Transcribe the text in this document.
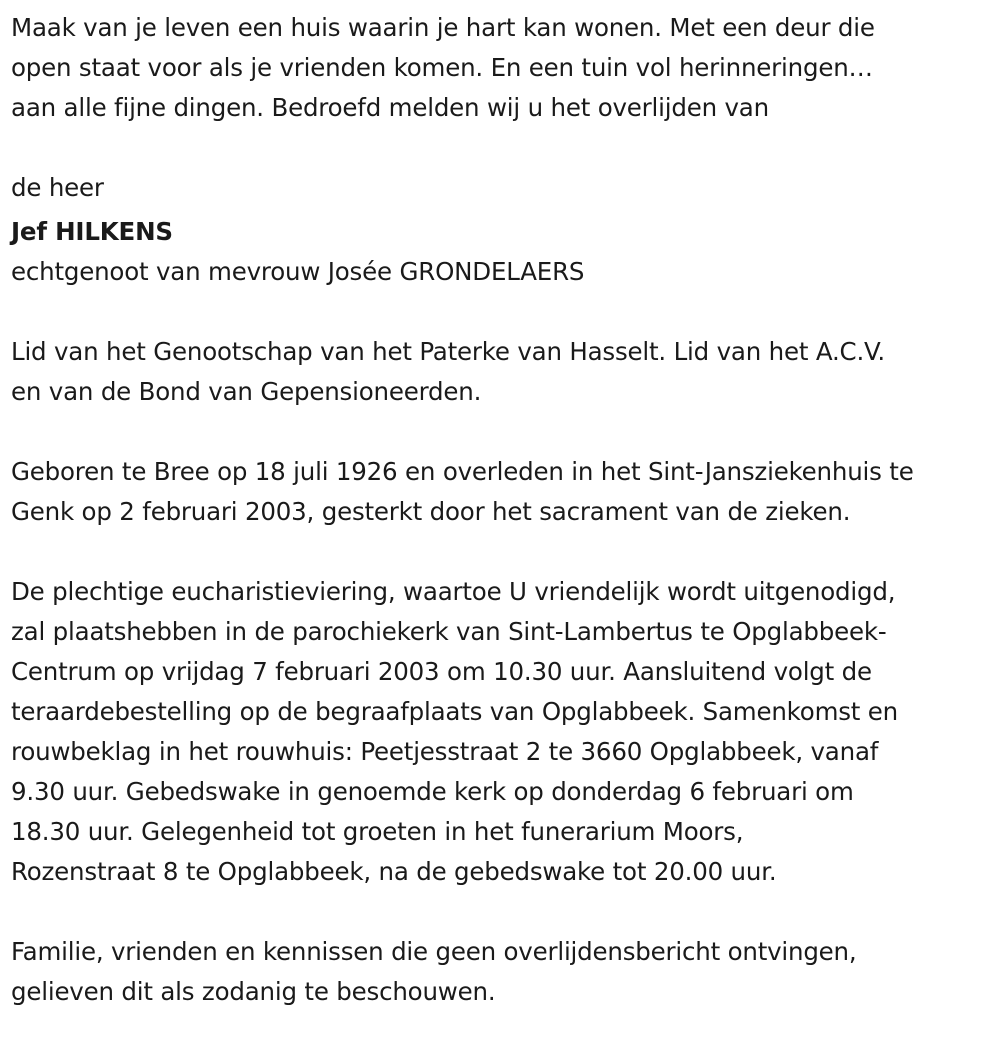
Maak van je leven een huis waarin je hart kan wonen. Met een deur die
open staat voor als je vrienden komen. En een tuin vol herinneringen…
aan alle fijne dingen. Bedroefd melden wij u het overlijden van

de heer

Jef HILKENS

echtgenoot van mevrouw Josée GRONDELAERS

Lid van het Genootschap van het Paterke van Hasselt. Lid van het A.C.V.
en van de Bond van Gepensioneerden.

Geboren te Bree op 18 juli 1926 en overleden in het Sint-Jansziekenhuis te
Genk op 2 februari 2003, gesterkt door het sacrament van de zieken.

De plechtige eucharistieviering, waartoe U vriendelijk wordt uitgenodigd,
zal plaatshebben in de parochiekerk van Sint-Lambertus te Opglabbeek-
Centrum op vrijdag 7 februari 2003 om 10.30 uur. Aansluitend volgt de
teraardebestelling op de begraafplaats van Opglabbeek. Samenkomst en
rouwbeklag in het rouwhuis: Peetjesstraat 2 te 3660 Opglabbeek, vanaf
9.30 uur. Gebedswake in genoemde kerk op donderdag 6 februari om
18.30 uur. Gelegenheid tot groeten in het funerarium Moors,
Rozenstraat 8 te Opglabbeek, na de gebedswake tot 20.00 uur.

Familie, vrienden en kennissen die geen overlijdensbericht ontvingen,
gelieven dit als zodanig te beschouwen.
